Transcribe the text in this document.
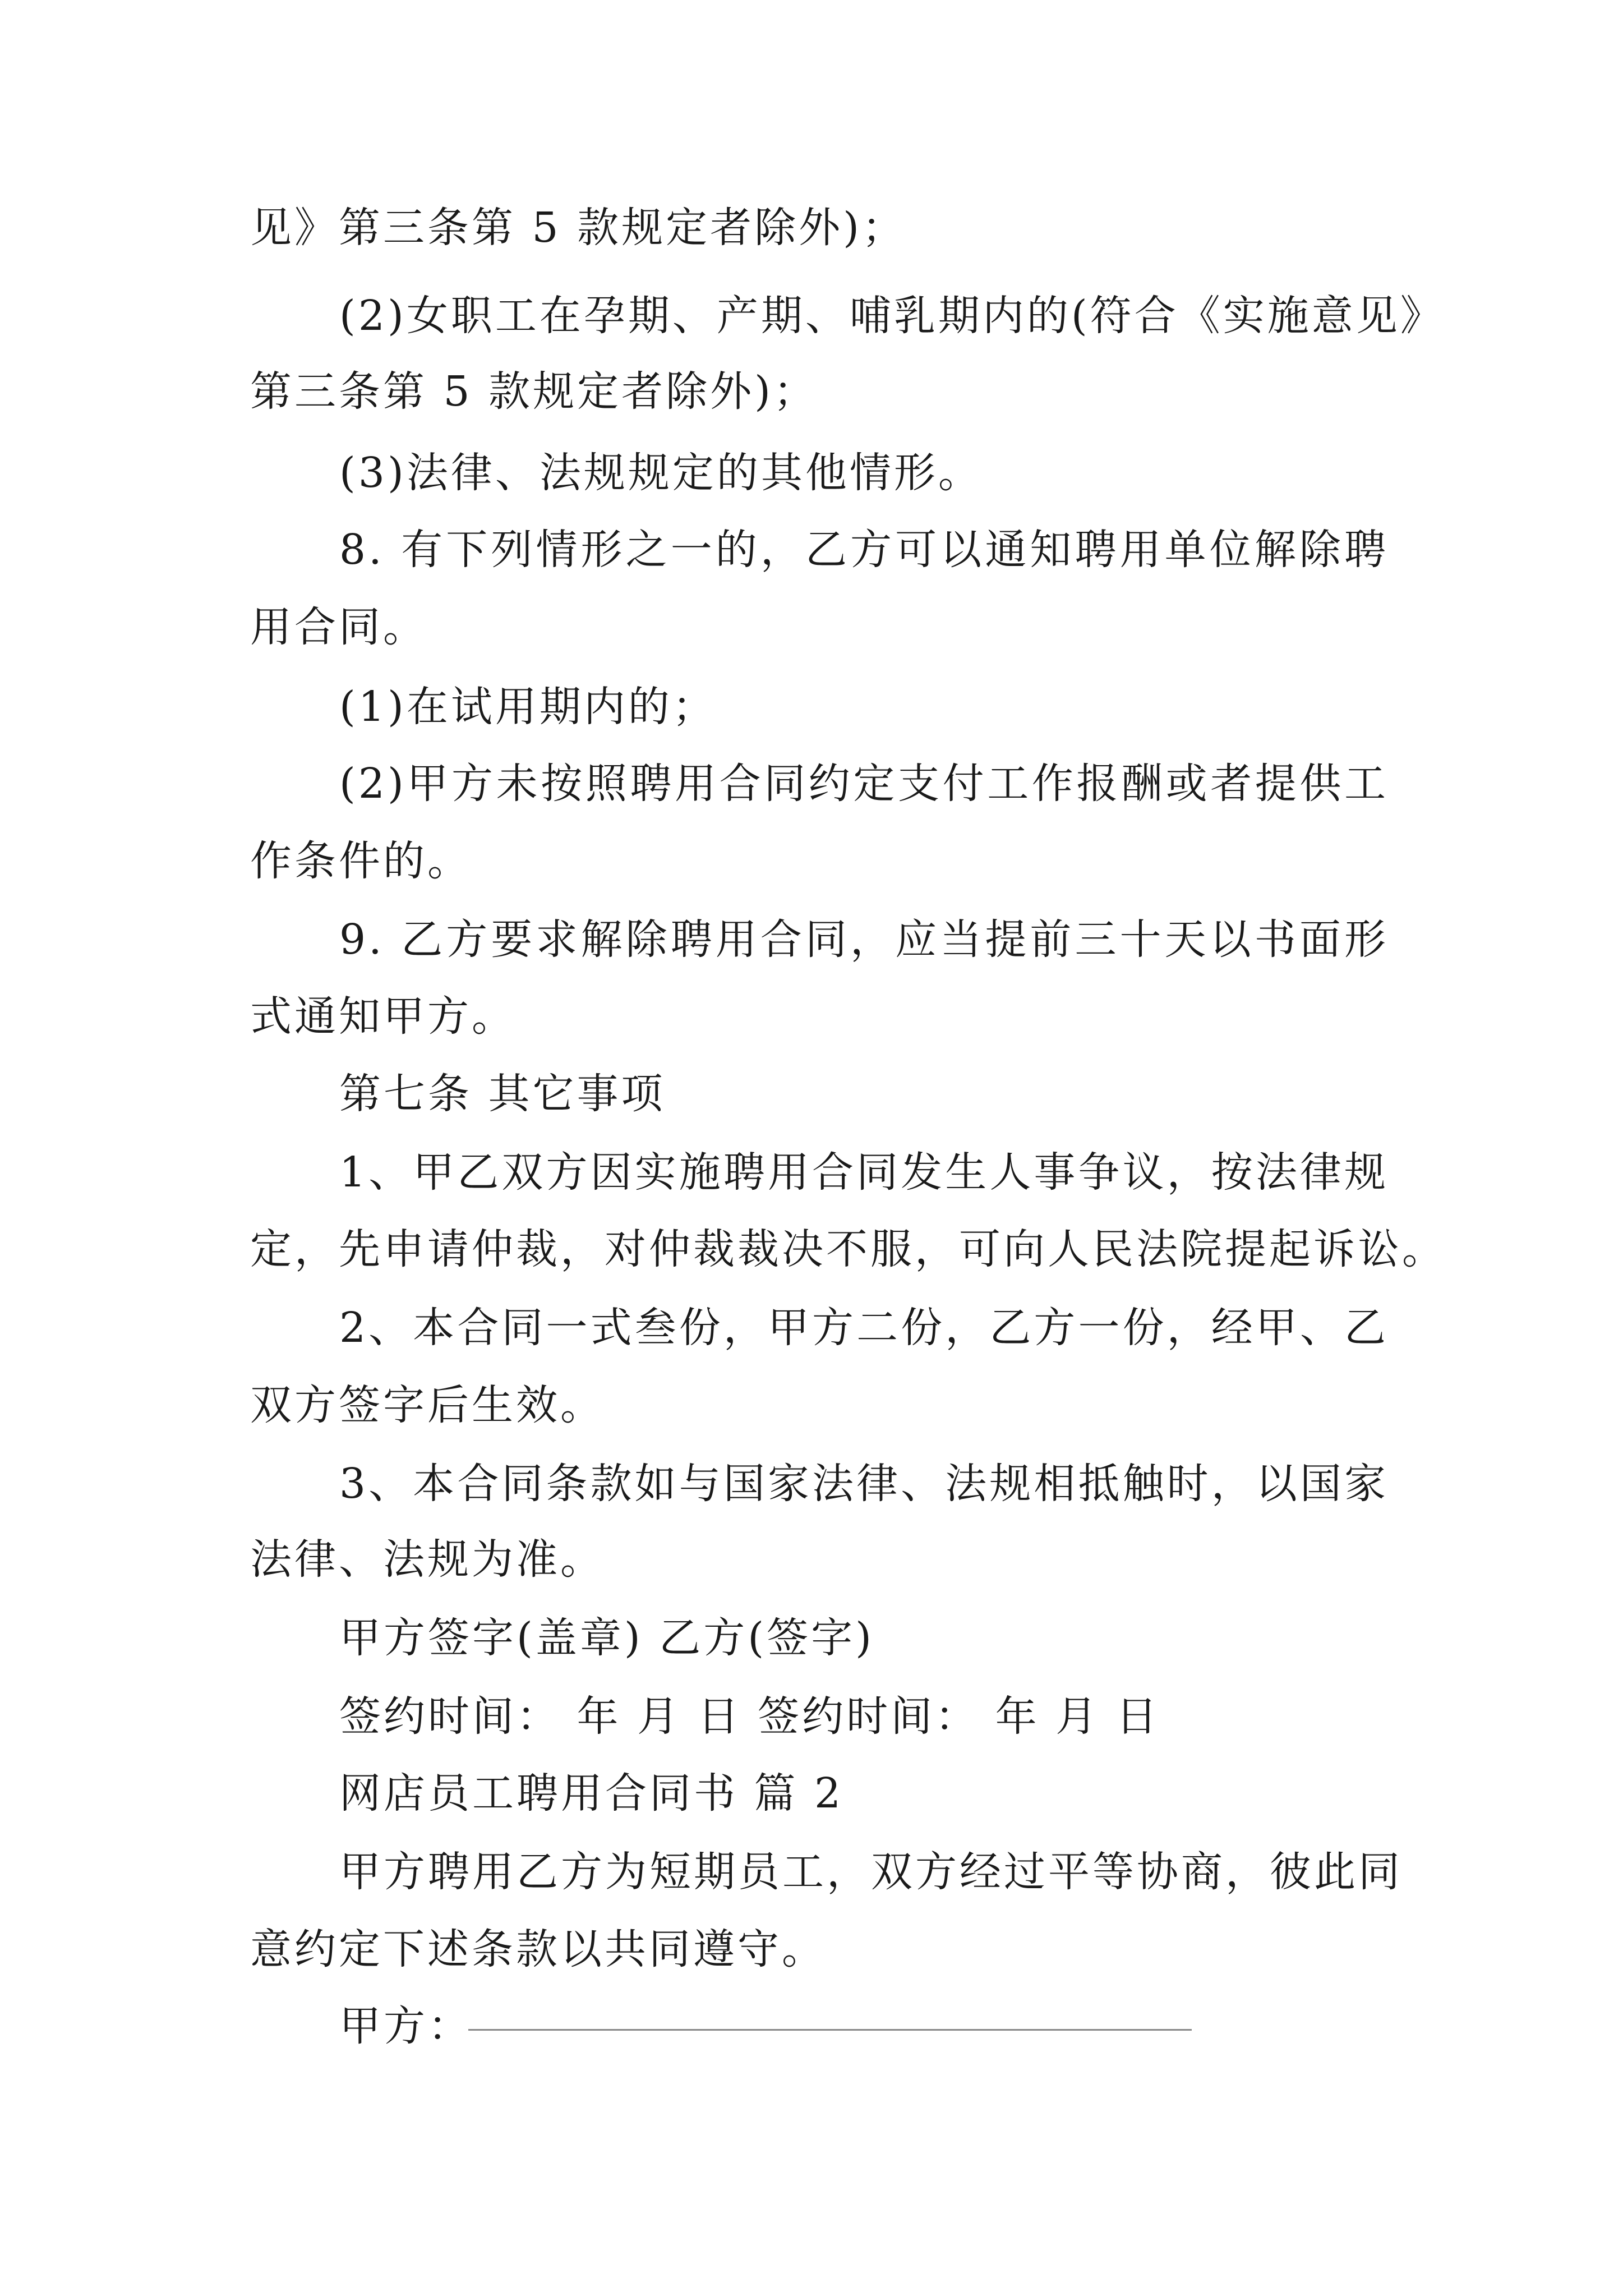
见》第三条第 5 款规定者除外)；
(2)女职工在孕期、产期、哺乳期内的(符合《实施意见》
第三条第 5 款规定者除外)；
(3)法律、法规规定的其他情形。
8. 有下列情形之一的，乙方可以通知聘用单位解除聘
用合同。
(1)在试用期内的；
(2)甲方未按照聘用合同约定支付工作报酬或者提供工
作条件的。
9. 乙方要求解除聘用合同，应当提前三十天以书面形
式通知甲方。
第七条 其它事项
1、甲乙双方因实施聘用合同发生人事争议，按法律规
定，先申请仲裁，对仲裁裁决不服，可向人民法院提起诉讼。
2、本合同一式叁份，甲方二份，乙方一份，经甲、乙
双方签字后生效。
3、本合同条款如与国家法律、法规相抵触时，以国家
法律、法规为准。
甲方签字(盖章) 乙方(签字)
签约时间： 年 月 日 签约时间： 年 月 日
网店员工聘用合同书 篇 2
甲方聘用乙方为短期员工，双方经过平等协商，彼此同
意约定下述条款以共同遵守。
甲方：
